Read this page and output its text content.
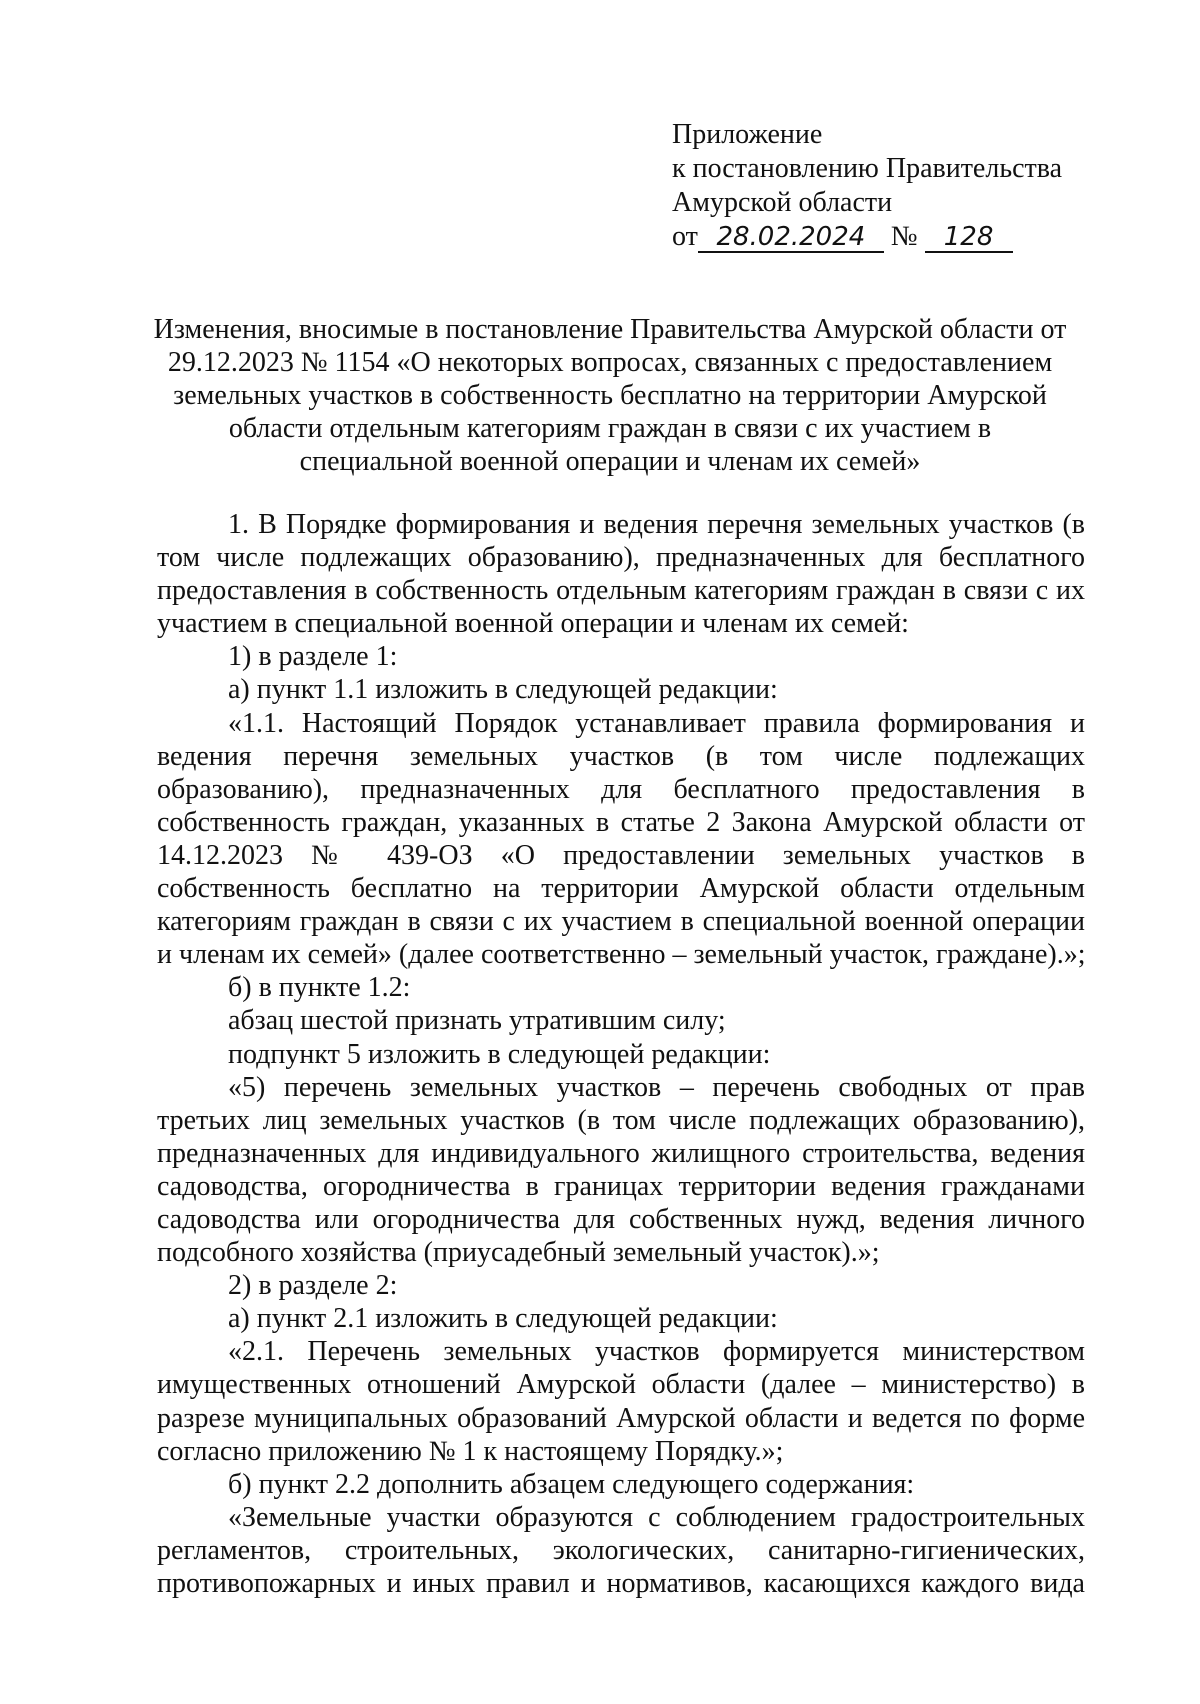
Приложение
к постановлению Правительства
Амурской области
от 28.02.2024 № 128
Изменения, вносимые в постановление Правительства Амурской области от
29.12.2023 № 1154 «О некоторых вопросах, связанных с предоставлением
земельных участков в собственность бесплатно на территории Амурской
области отдельным категориям граждан в связи с их участием в
специальной военной операции и членам их семей»
1. В Порядке формирования и ведения перечня земельных участков (в
том числе подлежащих образованию), предназначенных для бесплатного
предоставления в собственность отдельным категориям граждан в связи с их
участием в специальной военной операции и членам их семей:
1) в разделе 1:
а) пункт 1.1 изложить в следующей редакции:
«1.1. Настоящий Порядок устанавливает правила формирования и
ведения перечня земельных участков (в том числе подлежащих
образованию), предназначенных для бесплатного предоставления в
собственность граждан, указанных в статье 2 Закона Амурской области от
14.12.2023 № 439-ОЗ «О предоставлении земельных участков в
собственность бесплатно на территории Амурской области отдельным
категориям граждан в связи с их участием в специальной военной операции
и членам их семей» (далее соответственно – земельный участок, граждане).»;
б) в пункте 1.2:
абзац шестой признать утратившим силу;
подпункт 5 изложить в следующей редакции:
«5) перечень земельных участков – перечень свободных от прав
третьих лиц земельных участков (в том числе подлежащих образованию),
предназначенных для индивидуального жилищного строительства, ведения
садоводства, огородничества в границах территории ведения гражданами
садоводства или огородничества для собственных нужд, ведения личного
подсобного хозяйства (приусадебный земельный участок).»;
2) в разделе 2:
а) пункт 2.1 изложить в следующей редакции:
«2.1. Перечень земельных участков формируется министерством
имущественных отношений Амурской области (далее – министерство) в
разрезе муниципальных образований Амурской области и ведется по форме
согласно приложению № 1 к настоящему Порядку.»;
б) пункт 2.2 дополнить абзацем следующего содержания:
«Земельные участки образуются с соблюдением градостроительных
регламентов, строительных, экологических, санитарно-гигиенических,
противопожарных и иных правил и нормативов, касающихся каждого вида
